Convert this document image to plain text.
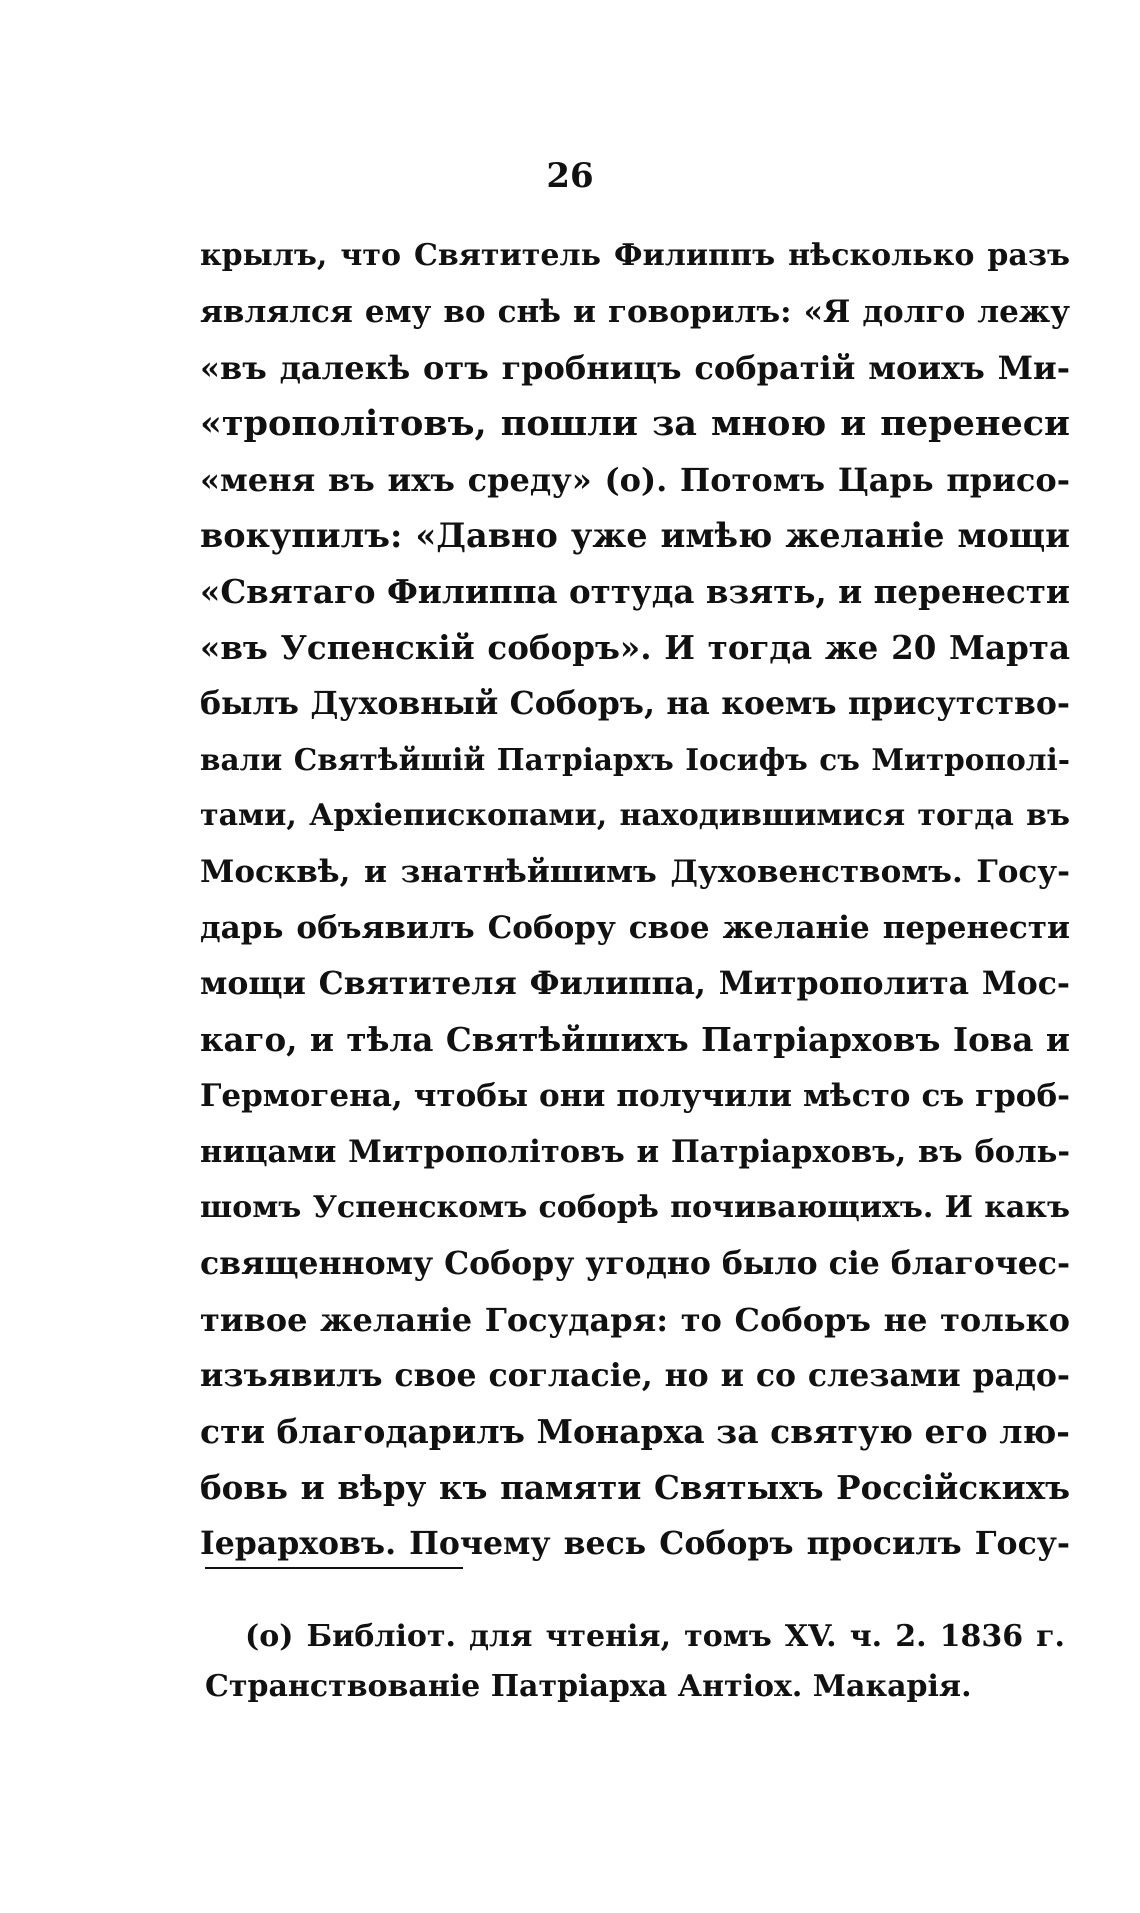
26
крылъ, что Святитель Филиппъ нѣсколько разъ
являлся ему во снѣ и говорилъ: «Я долго лежу
«въ далекѣ отъ гробницъ собратій моихъ Ми-
«трополітовъ, пошли за мною и перенеси
«меня въ ихъ среду» (о). Потомъ Царь присо-
вокупилъ: «Давно уже имѣю желаніе мощи
«Святаго Филиппа оттуда взять, и перенести
«въ Успенскій соборъ». И тогда же 20 Марта
былъ Духовный Соборъ, на коемъ присутство-
вали Святѣйшій Патріархъ Іосифъ съ Митрополі-
тами, Архіепископами, находившимися тогда въ
Москвѣ, и знатнѣйшимъ Духовенствомъ. Госу-
дарь объявилъ Собору свое желаніе перенести
мощи Святителя Филиппа, Митрополита Мос-
каго, и тѣла Святѣйшихъ Патріарховъ Іова и
Гермогена, чтобы они получили мѣсто съ гроб-
ницами Митрополітовъ и Патріарховъ, въ боль-
шомъ Успенскомъ соборѣ почивающихъ. И какъ
священному Собору угодно было сіе благочес-
тивое желаніе Государя: то Соборъ не только
изъявилъ свое согласіе, но и со слезами радо-
сти благодарилъ Монарха за святую его лю-
бовь и вѣру къ памяти Святыхъ Россійскихъ
Іерарховъ. Почему весь Соборъ просилъ Госу-
(о) Библіот. для чтенія, томъ XV. ч. 2. 1836 г.
Странствованіе Патріарха Антіох. Макарія.
